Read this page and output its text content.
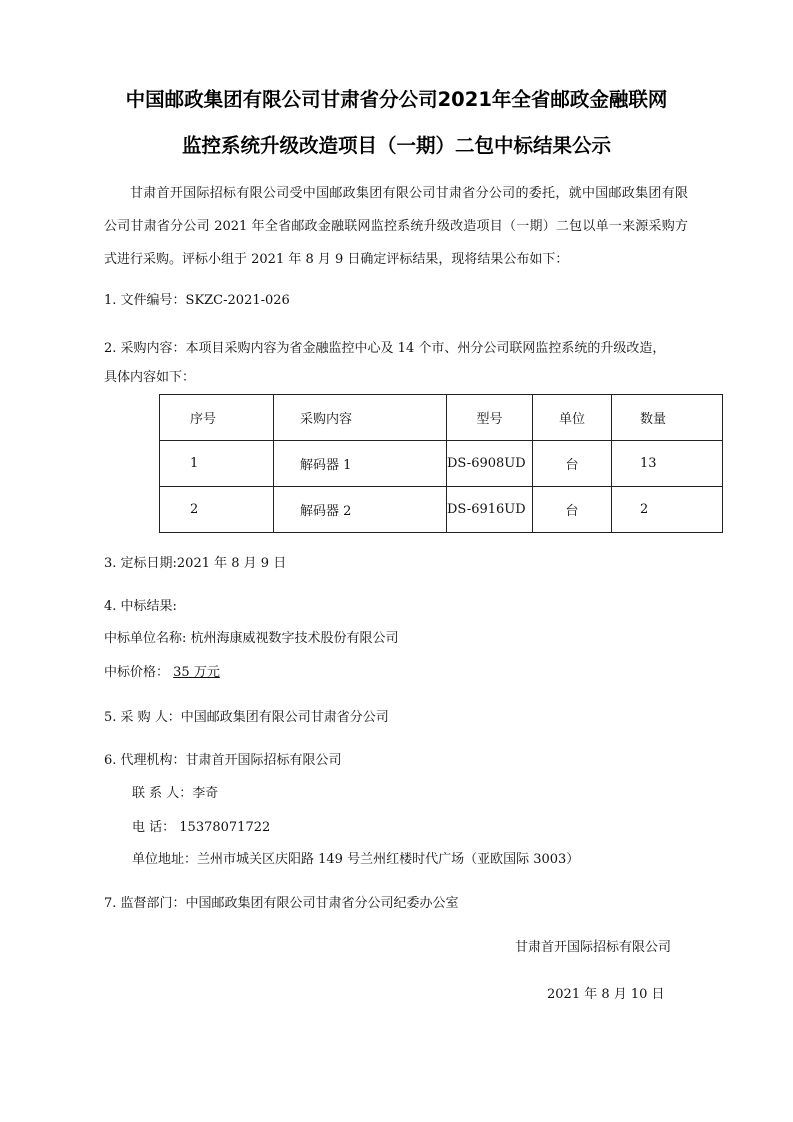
中国邮政集团有限公司甘肃省分公司2021年全省邮政金融联网
监控系统升级改造项目（一期）二包中标结果公示

甘肃首开国际招标有限公司受中国邮政集团有限公司甘肃省分公司的委托，就中国邮政集团有限公司甘肃省分公司 2021 年全省邮政金融联网监控系统升级改造项目（一期）二包以单一来源采购方式进行采购。评标小组于 2021 年 8 月 9 日确定评标结果，现将结果公布如下：

1. 文件编号：SKZC-2021-026
2. 采购内容：本项目采购内容为省金融监控中心及 14 个市、州分公司联网监控系统的升级改造，
具体内容如下：
序号	采购内容	型号	单位	数量
1	解码器 1	DS-6908UD	台	13
2	解码器 2	DS-6916UD	台	2
3. 定标日期:2021 年 8 月 9 日
4. 中标结果:
中标单位名称: 杭州海康威视数字技术股份有限公司
中标价格： 35 万元
5. 采 购 人：中国邮政集团有限公司甘肃省分公司
6. 代理机构：甘肃首开国际招标有限公司
联 系 人：李奇
电 话： 15378071722
单位地址：兰州市城关区庆阳路 149 号兰州红楼时代广场（亚欧国际 3003）
7. 监督部门：中国邮政集团有限公司甘肃省分公司纪委办公室
甘肃首开国际招标有限公司
2021 年 8 月 10 日
